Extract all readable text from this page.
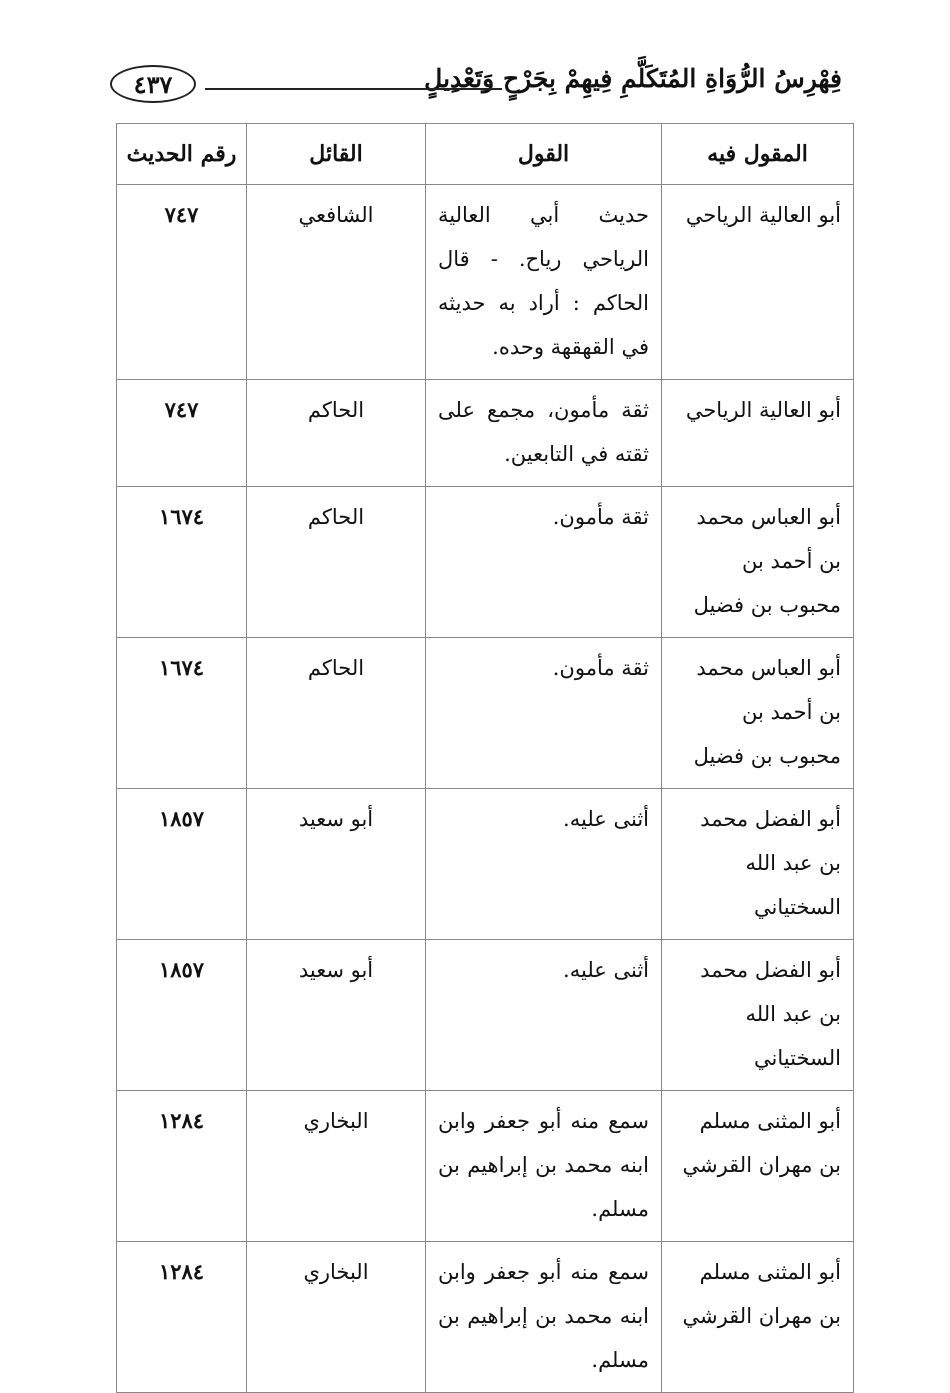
فِهْرِسُ الرُّوَاةِ المُتَكَلَّمِ فِيهِمْ بِجَرْحٍ وَتَعْدِيلٍ
٤٣٧
المقول فيه	القول	القائل	رقم الحديث
أبو العالية الرياحي	حديث أبي العالية الرياحي رياح. - قال الحاكم : أراد به حديثه في القهقهة وحده.	الشافعي	٧٤٧
أبو العالية الرياحي	ثقة مأمون، مجمع على ثقته في التابعين.	الحاكم	٧٤٧
أبو العباس محمد بن أحمد بن محبوب بن فضيل	ثقة مأمون.	الحاكم	١٦٧٤
أبو العباس محمد بن أحمد بن محبوب بن فضيل	ثقة مأمون.	الحاكم	١٦٧٤
أبو الفضل محمد بن عبد الله السختياني	أثنى عليه.	أبو سعيد	١٨٥٧
أبو الفضل محمد بن عبد الله السختياني	أثنى عليه.	أبو سعيد	١٨٥٧
أبو المثنى مسلم بن مهران القرشي	سمع منه أبو جعفر وابن ابنه محمد بن إبراهيم بن مسلم.	البخاري	١٢٨٤
أبو المثنى مسلم بن مهران القرشي	سمع منه أبو جعفر وابن ابنه محمد بن إبراهيم بن مسلم.	البخاري	١٢٨٤
